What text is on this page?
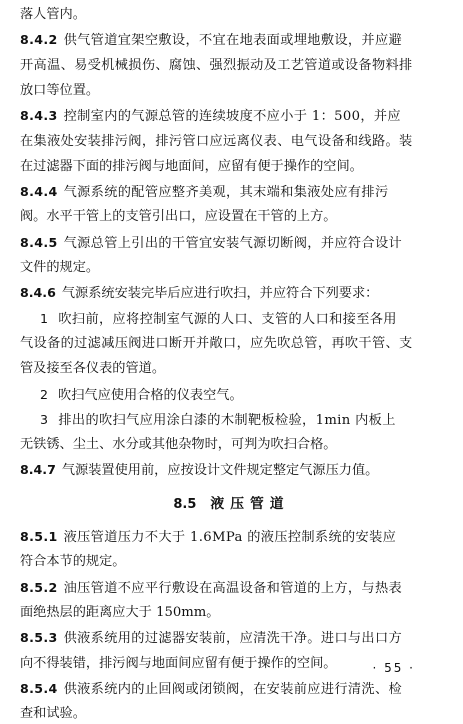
落人管内。
8.4.2 供气管道宜架空敷设，不宜在地表面或埋地敷设，并应避
开高温、易受机械损伤、腐蚀、强烈振动及工艺管道或设备物料排
放口等位置。
8.4.3 控制室内的气源总管的连续坡度不应小于 1：500，并应
在集液处安装排污阀，排污管口应远离仪表、电气设备和线路。装
在过滤器下面的排污阀与地面间，应留有便于操作的空间。
8.4.4 气源系统的配管应整齐美观，其末端和集液处应有排污
阀。水平干管上的支管引出口，应设置在干管的上方。
8.4.5 气源总管上引出的干管宜安装气源切断阀，并应符合设计
文件的规定。
8.4.6 气源系统安装完毕后应进行吹扫，并应符合下列要求：
1 吹扫前，应将控制室气源的人口、支管的人口和接至各用
气设备的过滤减压阀进口断开并敞口，应先吹总管，再吹干管、支
管及接至各仪表的管道。
2 吹扫气应使用合格的仪表空气。
3 排出的吹扫气应用涂白漆的木制靶板检验，1min 内板上
无铁锈、尘土、水分或其他杂物时，可判为吹扫合格。
8.4.7 气源装置使用前，应按设计文件规定整定气源压力值。
8.5 液压管道
8.5.1 液压管道压力不大于 1.6MPa 的液压控制系统的安装应
符合本节的规定。
8.5.2 油压管道不应平行敷设在高温设备和管道的上方，与热表
面绝热层的距离应大于 150mm。
8.5.3 供液系统用的过滤器安装前，应清洗干净。进口与出口方
向不得装错，排污阀与地面间应留有便于操作的空间。
8.5.4 供液系统内的止回阀或闭锁阀，在安装前应进行清洗、检
查和试验。
· 55 ·
